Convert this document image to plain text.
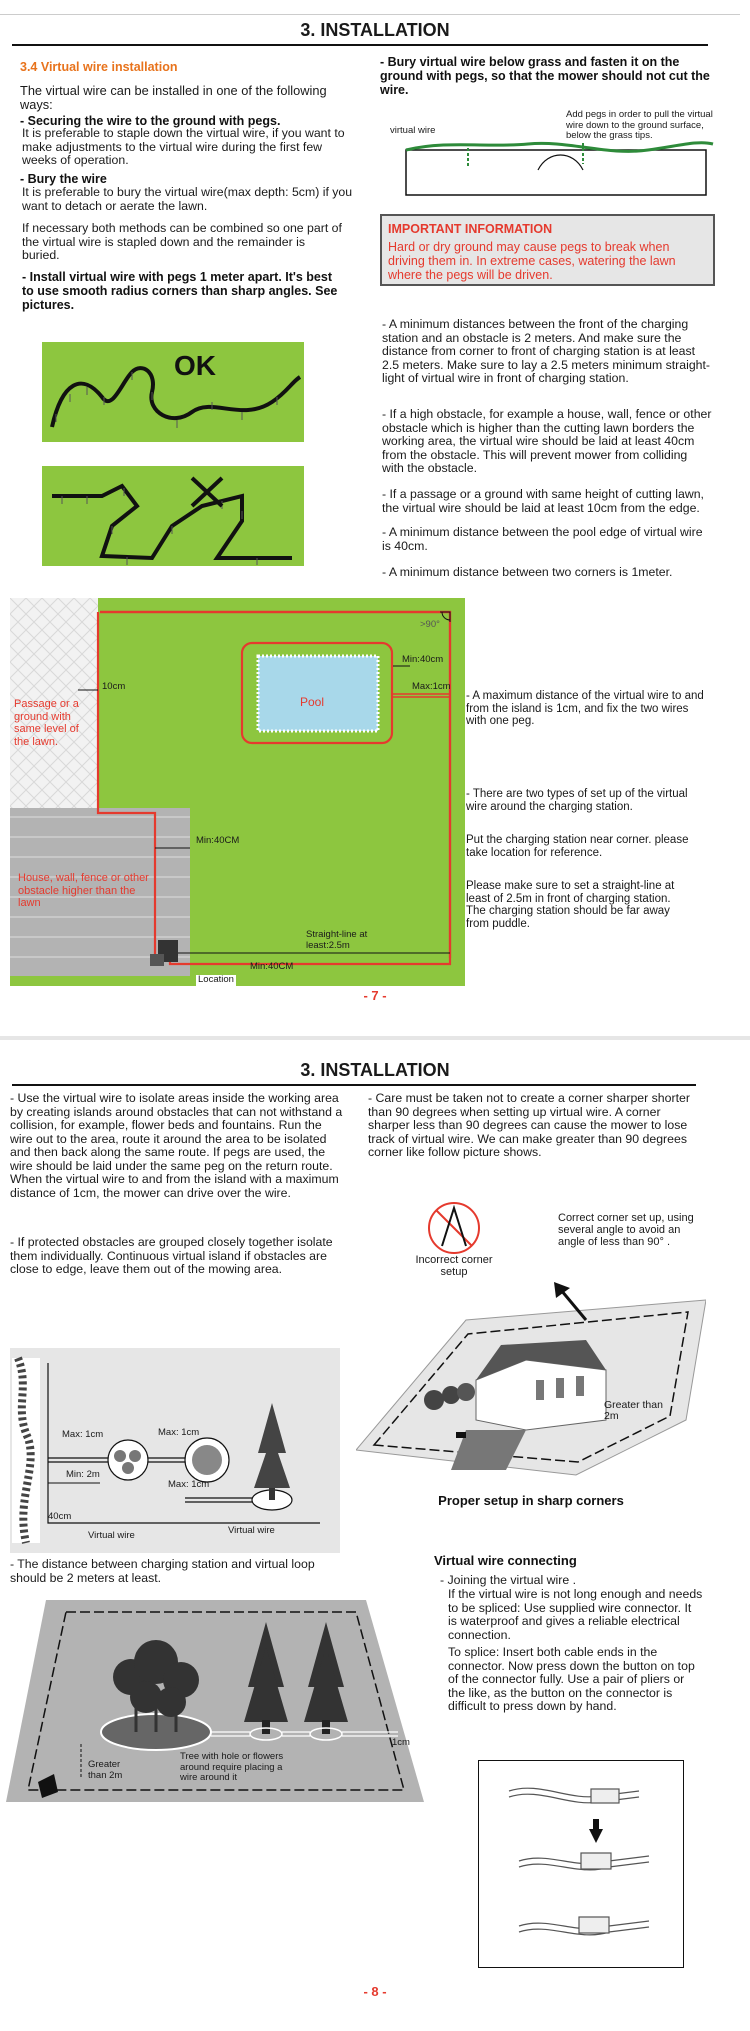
3. INSTALLATION
3.4 Virtual wire installation
The virtual wire can be installed in one of the following ways:
- Securing the wire to the ground with pegs.
It is preferable to staple down the virtual wire, if you want to make adjustments to the virtual wire during the first few weeks of operation.
- Bury the wire
It is preferable to bury the virtual wire(max depth: 5cm) if you want to detach or aerate the lawn.
If necessary both methods can be combined so one part of the virtual wire is stapled down and the remainder is buried.
- Install virtual wire with pegs 1 meter apart. It's best to use smooth radius corners than sharp angles. See pictures.
OK
- Bury virtual wire below grass and fasten it on the ground with pegs, so that the mower should not cut the wire.
virtual wire
Add pegs in order to pull the virtual wire down to the ground surface, below the grass tips.
IMPORTANT INFORMATION
Hard or dry ground may cause pegs to break when driving them in. In extreme cases, watering the lawn where the pegs will be driven.
- A minimum distances between the front of the charging station and an obstacle is 2 meters. And make sure the distance from corner to front of charging station is at least 2.5 meters. Make sure to lay a 2.5 meters minimum straight-light of virtual wire in front of charging station.
- If a high obstacle, for example a house, wall, fence or other obstacle which is higher than the cutting lawn borders the working area, the virtual wire should be laid at least 40cm from the obstacle. This will prevent mower from colliding with the obstacle.
- If a passage or a ground with same height of cutting lawn, the virtual wire should be laid at least 10cm from the edge.
- A minimum distance between the pool edge of virtual wire is 40cm.
- A minimum distance between two corners is 1meter.
Passage or a ground with same level of the lawn.
House, wall, fence or other obstacle higher than the lawn
Pool
>90°
Min:40cm
Max:1cm
10cm
Min:40CM
Straight-line at least:2.5m
Min:40CM
Location
- A maximum distance of the virtual wire to and from the island is 1cm, and fix the two wires with one peg.
- There are two types of set up of the virtual wire around the charging station.
Put the charging station near corner. please take location for reference.
Please make sure to set a straight-line at least of 2.5m in front of charging station. The charging station should be far away from puddle.
- 7 -
3. INSTALLATION
- Use the virtual wire to isolate areas inside the working area by creating islands around obstacles that can not withstand a collision, for example, flower beds and fountains. Run the wire out to the area, route it around the area to be isolated and then back along the same route. If pegs are used, the wire should be laid under the same peg on the return route. When the virtual wire to and from the island with a maximum distance of 1cm, the mower can drive over the wire.
- If protected obstacles are grouped closely together isolate them individually. Continuous virtual island if obstacles are close to edge, leave them out of the mowing area.
- Care must be taken not to create a corner sharper shorter than 90 degrees when setting up virtual wire. A corner sharper less than 90 degrees can cause the mower to lose track of virtual wire. We can make greater than 90 degrees corner like follow picture shows.
Incorrect corner setup
Correct corner set up, using several angle to avoid an angle of less than 90° .
Greater than 2m
Proper setup in sharp corners
Max: 1cm	Max: 1cm
Max: 1cm
Min: 2m
40cm
Virtual wire	Virtual wire
- The distance between charging station and virtual loop should be 2 meters at least.
Greater than 2m
Tree with hole or flowers around require placing a wire around it
1cm
Virtual wire connecting
- Joining the virtual wire .
If the virtual wire is not long enough and needs to be spliced: Use supplied wire connector. It is waterproof and gives a reliable electrical connection.
To splice: Insert both cable ends in the connector. Now press down the button on top of the connector fully. Use a pair of pliers or the like, as the button on the connector is difficult to press down by hand.
- 8 -
